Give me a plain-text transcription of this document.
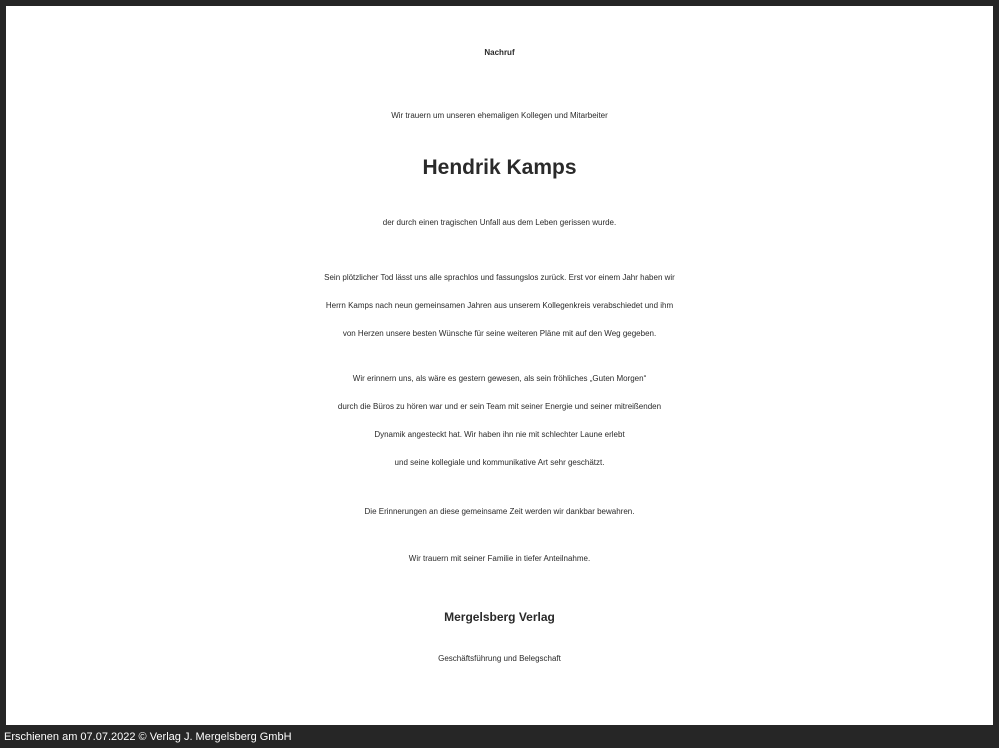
Nachruf
Wir trauern um unseren ehemaligen Kollegen und Mitarbeiter
Hendrik Kamps
der durch einen tragischen Unfall aus dem Leben gerissen wurde.
Sein plötzlicher Tod lässt uns alle sprachlos und fassungslos zurück. Erst vor einem Jahr haben wir
Herrn Kamps nach neun gemeinsamen Jahren aus unserem Kollegenkreis verabschiedet und ihm
von Herzen unsere besten Wünsche für seine weiteren Pläne mit auf den Weg gegeben.
Wir erinnern uns, als wäre es gestern gewesen, als sein fröhliches „Guten Morgen“
durch die Büros zu hören war und er sein Team mit seiner Energie und seiner mitreißenden
Dynamik angesteckt hat. Wir haben ihn nie mit schlechter Laune erlebt
und seine kollegiale und kommunikative Art sehr geschätzt.
Die Erinnerungen an diese gemeinsame Zeit werden wir dankbar bewahren.
Wir trauern mit seiner Familie in tiefer Anteilnahme.
Mergelsberg Verlag
Geschäftsführung und Belegschaft
Erschienen am 07.07.2022 © Verlag J. Mergelsberg GmbH
